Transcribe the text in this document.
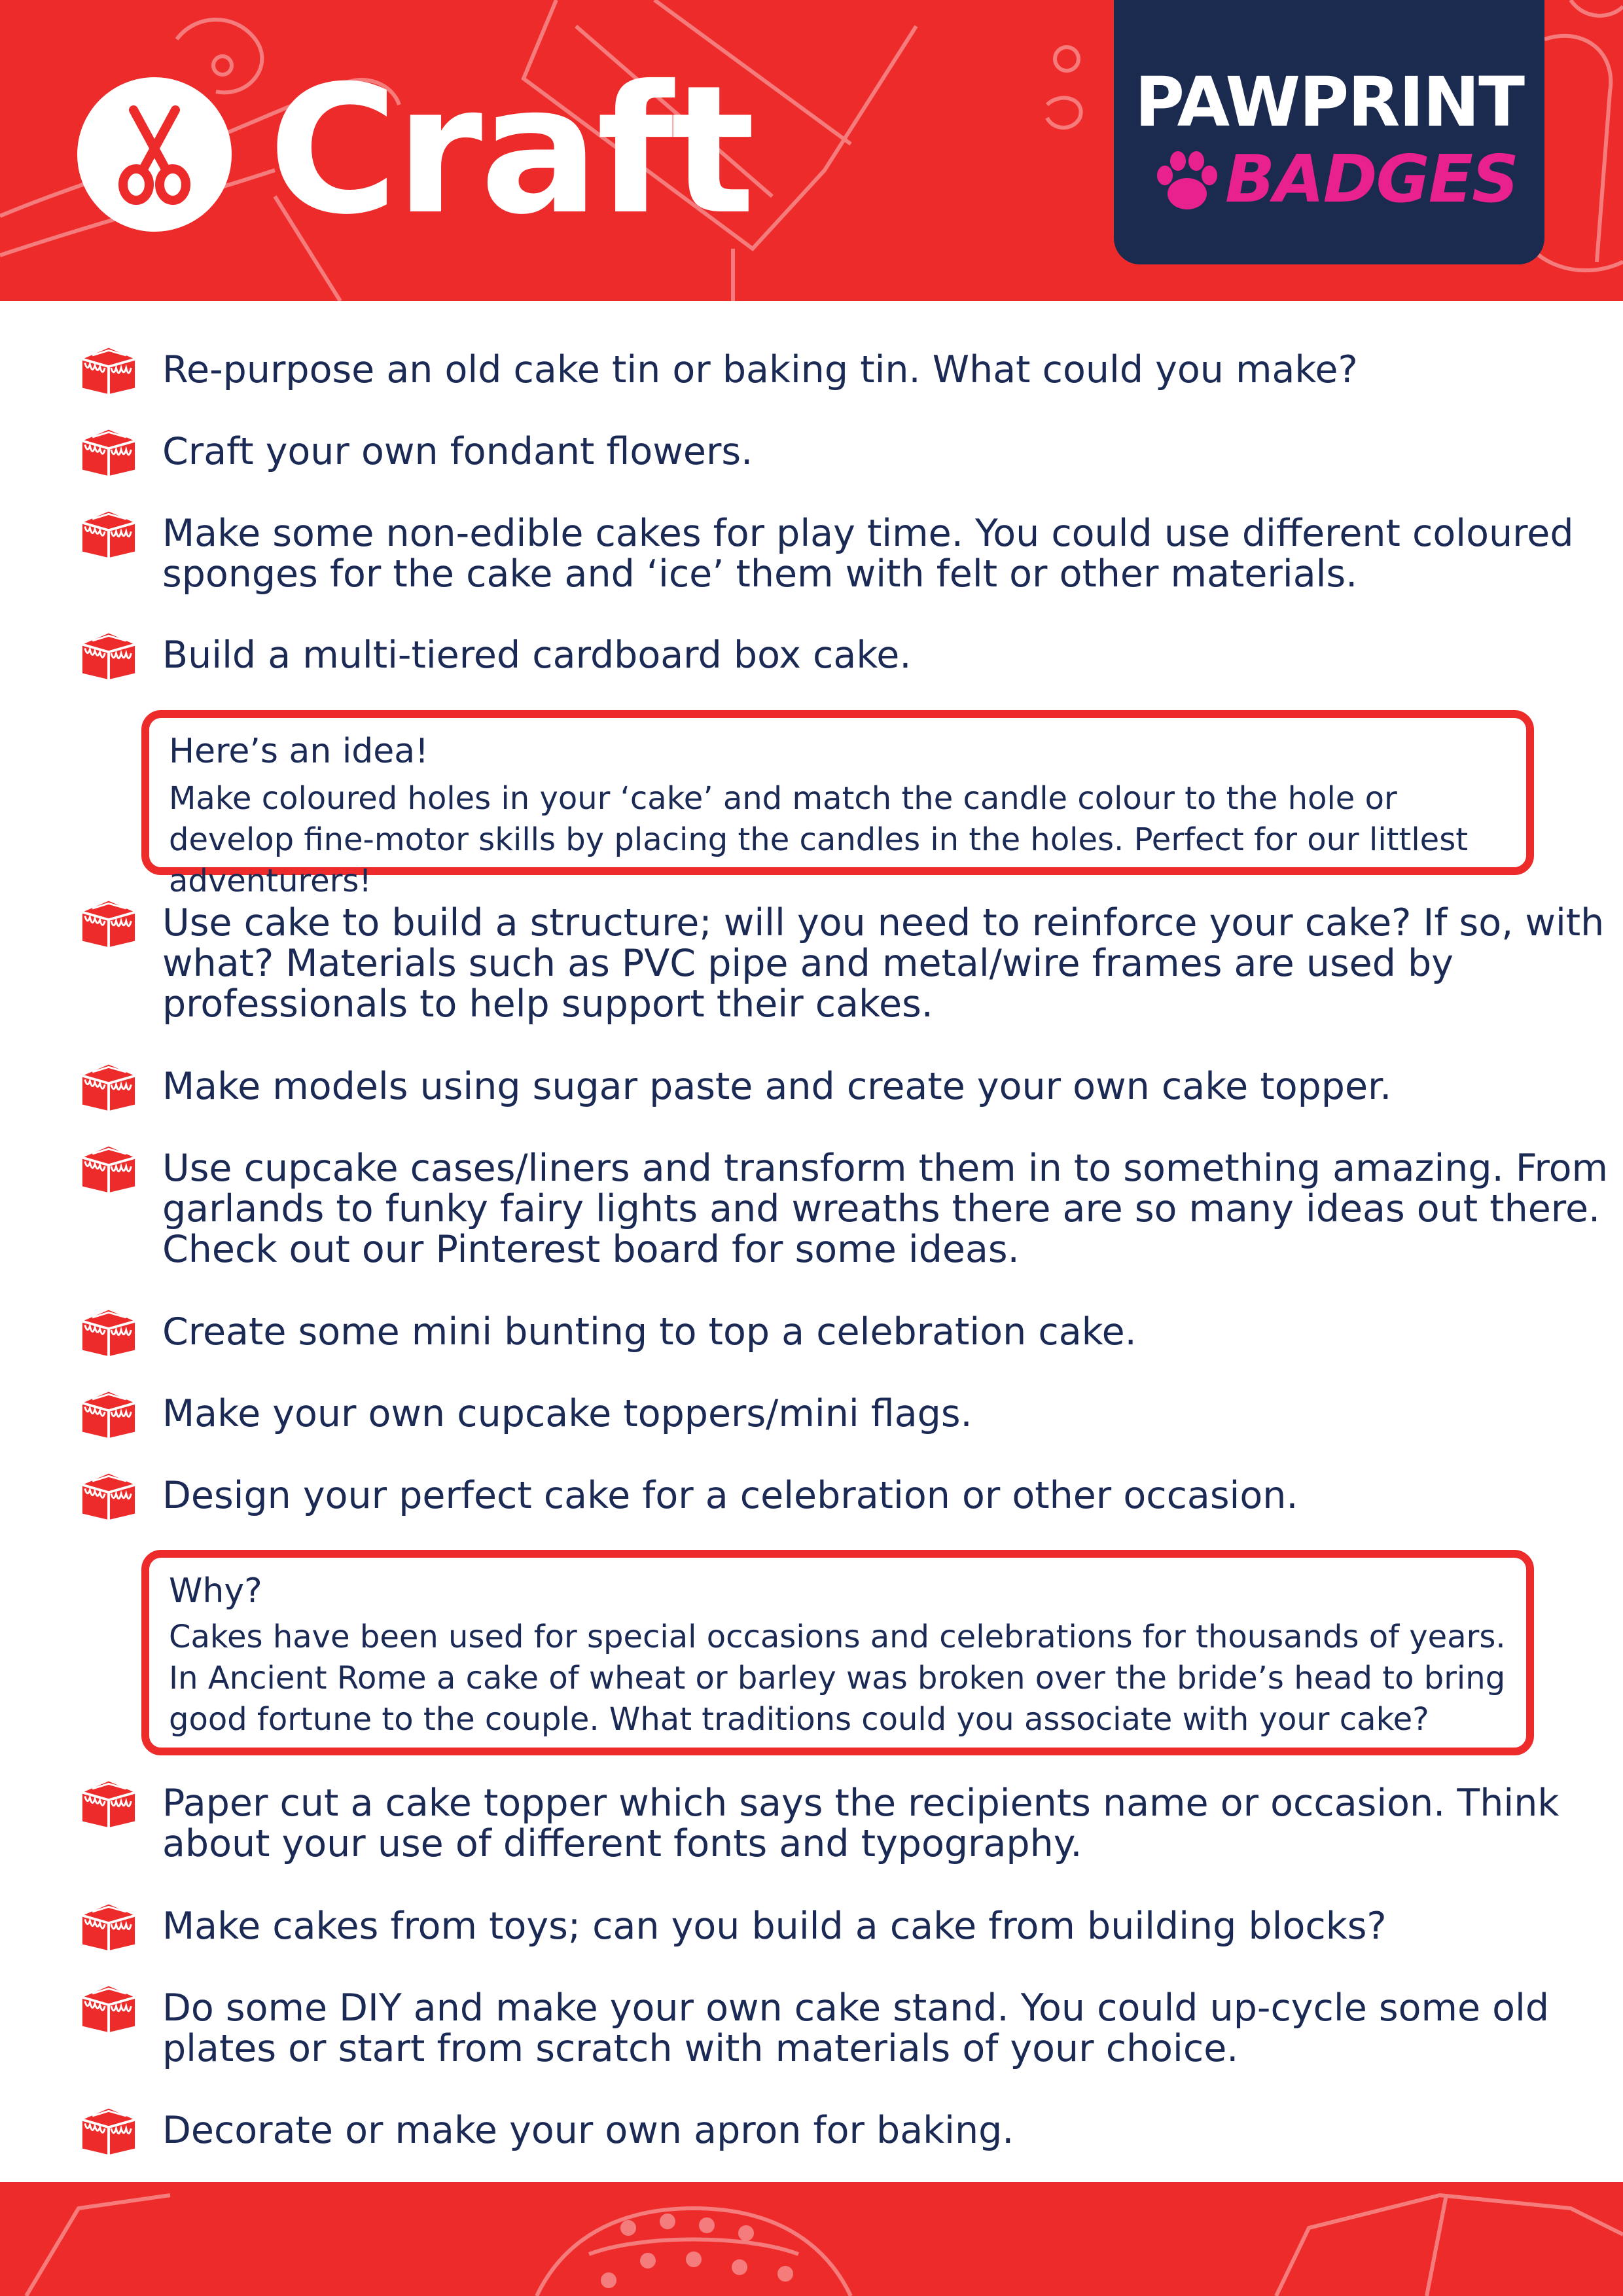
Craft	PAWPRINT
BADGES
Re-purpose an old cake tin or baking tin. What could you make?
Craft your own fondant flowers.
Make some non-edible cakes for play time. You could use different coloured sponges for the cake and ‘ice’ them with felt or other materials.
Build a multi-tiered cardboard box cake.
Here’s an idea!
Make coloured holes in your ‘cake’ and match the candle colour to the hole or develop fine-motor skills by placing the candles in the holes. Perfect for our littlest adventurers!
Use cake to build a structure; will you need to reinforce your cake? If so, with what? Materials such as PVC pipe and metal/wire frames are used by professionals to help support their cakes.
Make models using sugar paste and create your own cake topper.
Use cupcake cases/liners and transform them in to something amazing. From garlands to funky fairy lights and wreaths there are so many ideas out there. Check out our Pinterest board for some ideas.
Create some mini bunting to top a celebration cake.
Make your own cupcake toppers/mini flags.
Design your perfect cake for a celebration or other occasion.
Why?
Cakes have been used for special occasions and celebrations for thousands of years. In Ancient Rome a cake of wheat or barley was broken over the bride’s head to bring good fortune to the couple. What traditions could you associate with your cake?
Paper cut a cake topper which says the recipients name or occasion. Think about your use of different fonts and typography.
Make cakes from toys; can you build a cake from building blocks?
Do some DIY and make your own cake stand. You could up-cycle some old plates or start from scratch with materials of your choice.
Decorate or make your own apron for baking.
